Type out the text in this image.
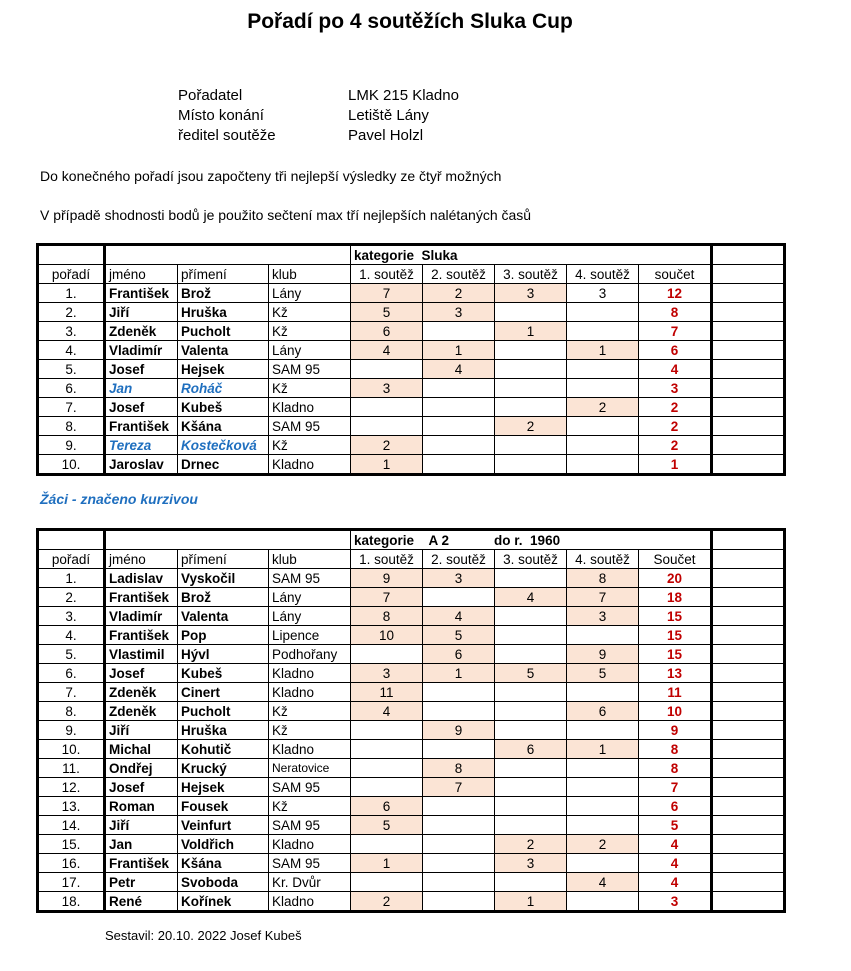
Pořadí po 4 soutěžích Sluka Cup
Pořadatel	LMK 215 Kladno
Místo konání	Letiště Lány
ředitel soutěže	Pavel Holzl
Do konečného pořadí jsou započteny tři nejlepší výsledky ze čtyř možných
V případě shodnosti bodů je použito sečtení max tří nejlepších nalétaných časů
				kategorie  Sluka					
pořadí	jméno	přímení	klub	1. soutěž	2. soutěž	3. soutěž	4. soutěž	součet	
1.	František	Brož	Lány	7	2	3	3	12	
2.	Jiří	Hruška	Kž	5	3			8	
3.	Zdeněk	Pucholt	Kž	6		1		7	
4.	Vladimír	Valenta	Lány	4	1		1	6	
5.	Josef	Hejsek	SAM 95		4			4	
6.	Jan	Roháč	Kž	3				3	
7.	Josef	Kubeš	Kladno				2	2	
8.	František	Kšána	SAM 95			2		2	
9.	Tereza	Kostečková	Kž	2				2	
10.	Jaroslav	Drnec	Kladno	1				1	
Žáci - značeno kurzivou
				kategorie    A 2            do r.  1960					
pořadí	jméno	přímení	klub	1. soutěž	2. soutěž	3. soutěž	4. soutěž	Součet	
1.	Ladislav	Vyskočil	SAM 95	9	3		8	20	
2.	František	Brož	Lány	7		4	7	18	
3.	Vladimír	Valenta	Lány	8	4		3	15	
4.	František	Pop	Lipence	10	5			15	
5.	Vlastimil	Hývl	Podhořany		6		9	15	
6.	Josef	Kubeš	Kladno	3	1	5	5	13	
7.	Zdeněk	Cinert	Kladno	11				11	
8.	Zdeněk	Pucholt	Kž	4			6	10	
9.	Jiří	Hruška	Kž		9			9	
10.	Michal	Kohutič	Kladno			6	1	8	
11.	Ondřej	Krucký	Neratovice		8			8	
12.	Josef	Hejsek	SAM 95		7			7	
13.	Roman	Fousek	Kž	6				6	
14.	Jiří	Veinfurt	SAM 95	5				5	
15.	Jan	Voldřich	Kladno			2	2	4	
16.	František	Kšána	SAM 95	1		3		4	
17.	Petr	Svoboda	Kr. Dvůr				4	4	
18.	René	Kořínek	Kladno	2		1		3	
Sestavil: 20.10. 2022 Josef Kubeš
